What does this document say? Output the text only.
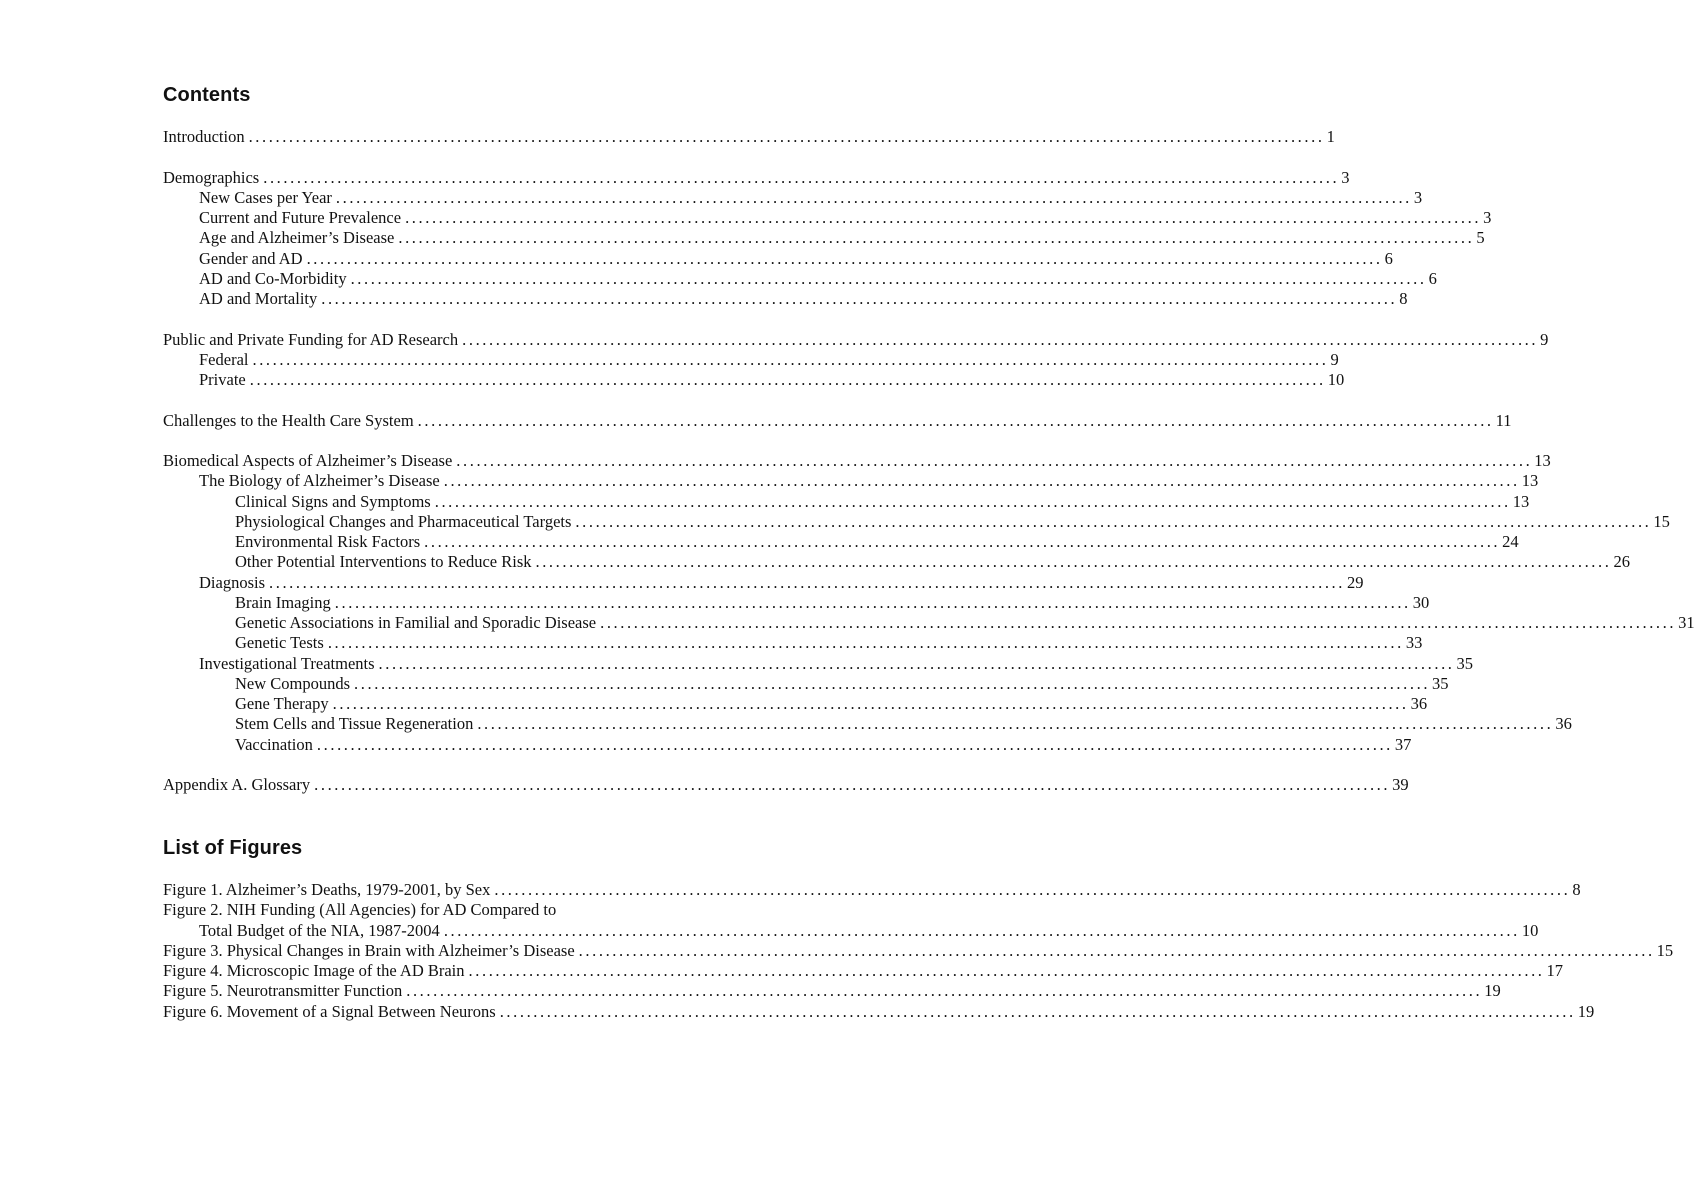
Contents
Introduction ................................................................................................................................................................ 1
Demographics ................................................................................................................................................................ 3
New Cases per Year ................................................................................................................................................................ 3
Current and Future Prevalence ................................................................................................................................................................ 3
Age and Alzheimer’s Disease ................................................................................................................................................................ 5
Gender and AD ................................................................................................................................................................ 6
AD and Co-Morbidity ................................................................................................................................................................ 6
AD and Mortality ................................................................................................................................................................ 8
Public and Private Funding for AD Research ................................................................................................................................................................ 9
Federal ................................................................................................................................................................ 9
Private ................................................................................................................................................................ 10
Challenges to the Health Care System ................................................................................................................................................................ 11
Biomedical Aspects of Alzheimer’s Disease ................................................................................................................................................................ 13
The Biology of Alzheimer’s Disease ................................................................................................................................................................ 13
Clinical Signs and Symptoms ................................................................................................................................................................ 13
Physiological Changes and Pharmaceutical Targets ................................................................................................................................................................ 15
Environmental Risk Factors ................................................................................................................................................................ 24
Other Potential Interventions to Reduce Risk ................................................................................................................................................................ 26
Diagnosis ................................................................................................................................................................ 29
Brain Imaging ................................................................................................................................................................ 30
Genetic Associations in Familial and Sporadic Disease ................................................................................................................................................................ 31
Genetic Tests ................................................................................................................................................................ 33
Investigational Treatments ................................................................................................................................................................ 35
New Compounds ................................................................................................................................................................ 35
Gene Therapy ................................................................................................................................................................ 36
Stem Cells and Tissue Regeneration ................................................................................................................................................................ 36
Vaccination ................................................................................................................................................................ 37
Appendix A. Glossary ................................................................................................................................................................ 39
List of Figures
Figure 1. Alzheimer’s Deaths, 1979-2001, by Sex ................................................................................................................................................................ 8
Figure 2. NIH Funding (All Agencies) for AD Compared to
Total Budget of the NIA, 1987-2004 ................................................................................................................................................................ 10
Figure 3. Physical Changes in Brain with Alzheimer’s Disease ................................................................................................................................................................ 15
Figure 4. Microscopic Image of the AD Brain ................................................................................................................................................................ 17
Figure 5. Neurotransmitter Function ................................................................................................................................................................ 19
Figure 6. Movement of a Signal Between Neurons ................................................................................................................................................................ 19
